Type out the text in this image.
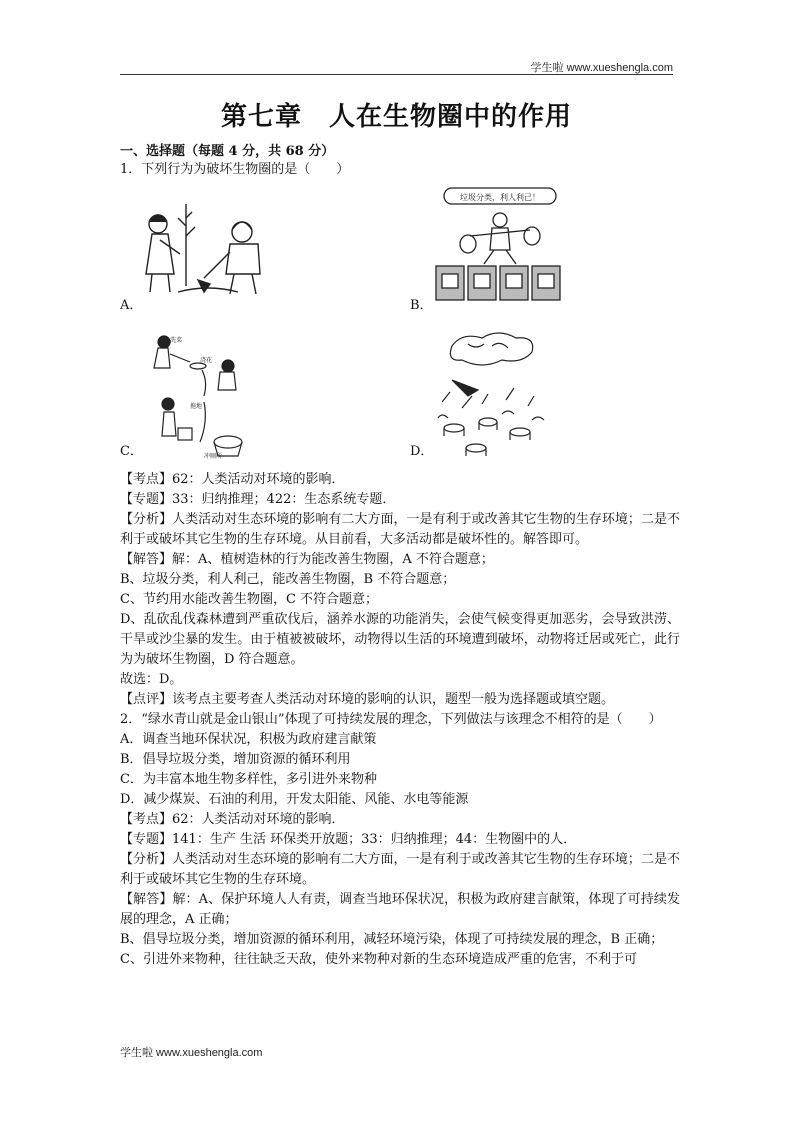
学生啦 www.xueshengla.com
第七章　人在生物圈中的作用
一、选择题（每题 4 分，共 68 分）
1．下列行为为破坏生物圈的是（　　）
A．
垃圾分类，利人利己！
B．
洗菜
浇花
冲厕所
拖地
C．	D．
【考点】62：人类活动对环境的影响．
【专题】33：归纳推理；422：生态系统专题．
【分析】人类活动对生态环境的影响有二大方面，一是有利于或改善其它生物的生存环境；二是不利于或破坏其它生物的生存环境。从目前看，大多活动都是破坏性的。解答即可。
【解答】解：A、植树造林的行为能改善生物圈，A 不符合题意；
B、垃圾分类，利人利己，能改善生物圈，B 不符合题意；
C、节约用水能改善生物圈，C 不符合题意；
D、乱砍乱伐森林遭到严重砍伐后，涵养水源的功能消失，会使气候变得更加恶劣，会导致洪涝、干旱或沙尘暴的发生。由于植被被破坏，动物得以生活的环境遭到破坏，动物将迁居或死亡，此行为为破坏生物圈，D 符合题意。
故选：D。
【点评】该考点主要考查人类活动对环境的影响的认识，题型一般为选择题或填空题。
2．“绿水青山就是金山银山”体现了可持续发展的理念，下列做法与该理念不相符的是（　　）
A．调查当地环保状况，积极为政府建言献策
B．倡导垃圾分类，增加资源的循环利用
C．为丰富本地生物多样性，多引进外来物种
D．减少煤炭、石油的利用，开发太阳能、风能、水电等能源
【考点】62：人类活动对环境的影响．
【专题】141：生产 生活 环保类开放题；33：归纳推理；44：生物圈中的人．
【分析】人类活动对生态环境的影响有二大方面，一是有利于或改善其它生物的生存环境；二是不利于或破坏其它生物的生存环境。
【解答】解：A、保护环境人人有责，调查当地环保状况，积极为政府建言献策，体现了可持续发展的理念，A 正确；
B、倡导垃圾分类，增加资源的循环利用，减轻环境污染，体现了可持续发展的理念，B 正确；
C、引进外来物种，往往缺乏天敌，使外来物种对新的生态环境造成严重的危害，不利于可
学生啦 www.xueshengla.com
